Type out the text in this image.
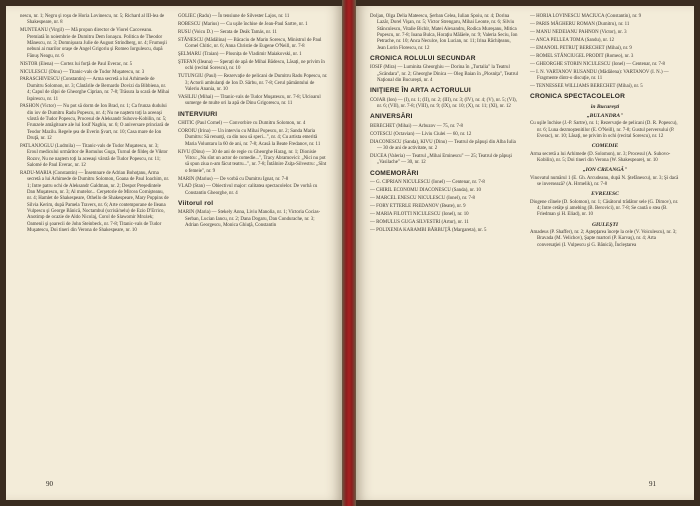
nescu, nr. 1; Negru şi roşu de Horia Lovinescu, nr. 5; Richard al III-lea de Shakespeare, nr. 8

MUNTEANU (Virgil) — Mă propun director de Viorel Cacoveanu. Premiată în noiembrie de Dumitru Dem Ionaşcu. Politica de Theodor Mănescu, nr. 3; Domnişoara Julie de August Strindberg, nr. 4; Frumoşii nebuni ai marilor oraşe de Angel Grigoriu şi Romeo Iorgulescu, după Fănuş Neagu, nr. 6

NISTOR (Elena) — Cortez lui forţă de Paul Everac, nr. 5

NICULESCU (Dinu) — Titanic-vals de Tudor Muşatescu, nr. 3

PARASCHIVESCU (Constantin) — Arma secretă a lui Arhimede de Dumitru Solomon, nr. 3; Cântările de Bernardo Dovizi da Bibbiena, nr. 4; Capul de răţoi de Gheorghe Ciprian, nr. 7-8; Trăsura la scară de Mihai Ispirescu, nr. 11

PASHON (Victor) — Nu pot să dorm de Ion Brad, nr. 1; Ca frunza dudului din iov de Dumitru Radu Popescu, nr. 4; Nu ne naştem toţi la aceeaşi vârstă de Tudor Popescu, Procesul de Aleksandr Suhovo-Kobilin, nr. 5; Frunzele amăgitoare ale lui Iosif Naghiu, nr. 6; O aniversare princiară de Teodor Mazilu. Regele şea de Everin Şvart, nr. 10; Casa mare de Ion Druţă, nr. 12

PATLANJOGLU (Ludmila) — Titanic-vals de Tudor Muşatescu, nr. 3; Eroul medicului urmăritor de Romulus Guga, Turnul de fildeş de Viktor Rozov, Nu ne naştem toţi la aceeaşi vârstă de Tudor Popescu, nr. 11; Salomé de Paul Everac, nr. 12

RADU-MARIA (Constantin) — Însemnare de Adrian Bohoţanu, Arma secretă a lui Arhimede de Dumitru Solomon, Goana de Paul Ioachim, nr. 1; Intre patru ochi de Aleksandr Galdman, nr. 2; Despot Preşedintele Dan Muşatescu, nr. 3; Al mutelor... Cerşetorie de Mircea Cornişteanu, nr. 4; Hamlet de Shakespeare, Othello de Shakespeare, Mary Poppins de Silvia Kerim, după Pamela Travers, nr. 6; Arte contemporane de Ileana Vulpescu şi George Bănică, Noctambul (scrisă/nelu) de Ezio D'Errico, Anotimp de ocazie de Aldo Nicolaj, Corol de Slawomir Mrożek; Oamenii şi şoarecii de John Steinbeck, nr. 7-8; Titanic-vals de Tudor Muşatescu, Doi tineri din Verona de Shakespeare, nr. 10

GOLIEC (Radu) — În tensiune de Silvester Lajos, nr. 11

ROBESCU (Marius) — Cu uşile închise de Jean-Paul Sartre, nr. 1

RUSU (Voicu D.) — Serata de Deák Tamás, nr. 11

STĂNESCU (Mădălina) — Bâcaciu de Marin Sorescu, Ministrul de Paul Cornel Chitic, nr. 6; Anna Christie de Eugene O'Neill, nr. 7-8

ŞELMARU (Traian) — Plosnița de Vladimir Maiakovski, nr. 1

ŞTEFAN (Ileana) — Sperați de apă de Mihai Bădescu, Lăsați, ne privim în ochi (recital Sorescu), nr. 10

TUTUNGIU (Paul) — Rezervaţie de pelicani de Dumitru Radu Popescu, nr. 3; Actorii ambulanţi de Ion D. Sârbu, nr. 7-8; Cerul pământului de Valeriu Anania, nr. 10

VASILIU (Mihai) — Titanic-vals de Tudor Muşatescu, nr. 7-8; Ulcioarul sumerge de multe ori la apă de Dinu Grigorescu, nr. 11

INTERVIURI

CHITIC (Paul Cornel) — Convorbire cu Dumitru Solomon, nr. 4

COROIU (Irina) — Un interviu cu Mihai Popescu, nr. 2; Sanda Maria Dumitru: Să renunţi, ca din nou să speri...", nr. 4; Cu artista emeritǎ Maria Voluntaru la 60 de ani, nr. 7-8; Acasă la Beate Fredanov, nr. 11

KIVU (Dinu) — 30 de ani de regie cu Gheorghe Harag, nr. 1; Dionisie Vitcu: „Nu sînt un actor de comedie...", Tracy Abramovici: „Nici nu pot să spun ziua n-am făcut teatru...", nr. 7-8; Întâlnire Zsiţa-Silvestru: „Sînt o femeie", nr. 9

MARIN (Marius) — De vorbă cu Dumitru Ignat, nr. 7-8

VLAD (Stan) — Obiectivul major: calitatea spectacolelor. De vorbă cu Constantin Gheorghe, nr. 4

Viitorul rol

MARIN (Maria) — Stekely Anna, Liviu Manolia, nr. 1; Victoria Cocias-Serban, Lucian Iancu, nr. 2; Dana Dogaru, Dan Condurache, nr. 3; Adrian Georgescu, Monica Ghiuţă, Constantin

90

Doljan, Olga Delia Mateescu, Şerban Celea, Iulian Spoiu, nr. 4; Dorina Lazăr, Dorel Vişan, nr. 5; Victor Strengaru, Mihai Leonte, nr. 6; Silviu Stănculescu, Vitalie Bichir, Matei Alexandru, Rodica Mureşanu, Mitica Popescu, nr. 7-8; Ioana Bulca, Horaţiu Mălăele, nr. 9; Valeria Seciu, Ion Petrache, nr. 10; Anca Neculce, Ion Lucian, nr. 11; Irina Răchiţeanu, Jean Lorin Florescu, nr. 12

CRONICA ROLULUI SECUNDAR

IOSIF (Mira) — Luminita Gheorghiu — Dorina în „Turtalia" la Teatrul „Scândara", nr. 2; Gheorghe Dinica — Oleg Baian în „Plosniţa", Teatrul Naţional din Bucureşti, nr. 4

INIŢIERE ÎN ARTA ACTORULUI

COJAR (Ion) — (I), nr. 1; (II), nr. 2; (III), nr. 3; (IV), nr. 4; (V), nr. 5; (VI), nr. 6; (VII), nr. 7-8; (VIII), nr. 9; (IX), nr. 10; (X), nr. 11; (XI), nr. 12

ANIVERSĂRI

BERECHET (Mihai) — Arbuzov — 75, nr. 7-8

COTESCU (Octavian) — Liviu Ciulei — 60, nr. 12

DIACONESCU (Sanda), KIVU (Dinu) — Teatrul de păpuşi din Alba Iulia — 30 de ani de activitate, nr. 2

DUCEA (Valeria) — Teatrul „Mihai Eminescu" — 25; Teatrul de păpuşi „Vasilache" — 30, nr. 12

COMEMORĂRI

— G. CIPRIAN NICULESCU (Ionel) — Centenar, nr. 7-8

— CHIRIL ECONOMU DIACONESCU (Sanda), nr. 10

— MARCEL ENESCU NICULESCU (Ionel), nr. 7-8

— FORY ETTERLE FREDANOV (Beate), nr. 9

— MARIA FILOTTI NICULESCU (Ionel), nr. 10

— ROMULUS GUGA SILVESTRI (Artur), nr. 11

— POLIXENIA KARAMBI BĂRBUŢĂ (Margareta), nr. 5

— HORIA LOVINESCU MACIUCA (Constantin), nr. 9

— PARIS MĂGHERU ROMAN (Dumitru), nr. 11

— MANU NEDEIANU PAHNON (Victor), nr. 3

— ANCA PELLEA TOMA (Sandu), nr. 12

— EMANOIL PETRUŢ BERECHET (Mihai), nr. 9

— ROMEL STĂNCIUGEL PRODIT (Romeo), nr. 3

— GHEORGHE STORIN NICULESCU (Ionel) — Centenar, nr. 7-8

— I. N. VARTANOV RUSANDU (Mădălena): VARTANOV (I. N.) — Fragmente dintr-o discuţie, nr. 11

— TENNESSEE WILLIAMS BERECHET (Mihai), nr. 5

CRONICA SPECTACOLELOR
în Bucureşti
„BULANDRA"

Cu uşile închise (J.-P. Sartre), nr. 1; Rezervaţie de pelicani (D. R. Popescu), nr. 6; Luna dezmoştenitilor (E. O'Neill), nr. 7-8; Gustul perversului (P. Everac), nr. 10; Lăsaţi, ne privim în ochi (recital Sorescu), nr. 12

COMEDIE

Arma secretă a lui Arhimede (D. Solomon), nr. 3; Procesul (A. Suhovo-Kobilin), nr. 5; Doi tineri din Verona (W. Shakespeare), nr. 10

„ION CREANGĂ"

Vinovatul numărul 1 (E. Gh. Arcudeanu, după N. Ştefănescu), nr. 3; Şi dacă se inversează? (A. Hrmelik), nr. 7-8

EVREIESC

Diogene cîinele (D. Solomon), nr. 1; Căsătorul trădător sele (G. Dimov), nr. 4; Intre cetăţe şi amebing (B. Berovici), nr. 7-8; Se caută o stea (B. Friedman şi H. Eliad), nr. 10

GIULEŞTI

Amadeus (P. Shaffer), nr. 2; Aştepţarea înceţe la cele (V. Voiculescu), nr. 3; Bravada (M. Velichov), Şapte martori (P. Karvaş), nr. 4; Arta conversaţiei (I. Vulpescu şi G. Bănică), Încleştarea

91
